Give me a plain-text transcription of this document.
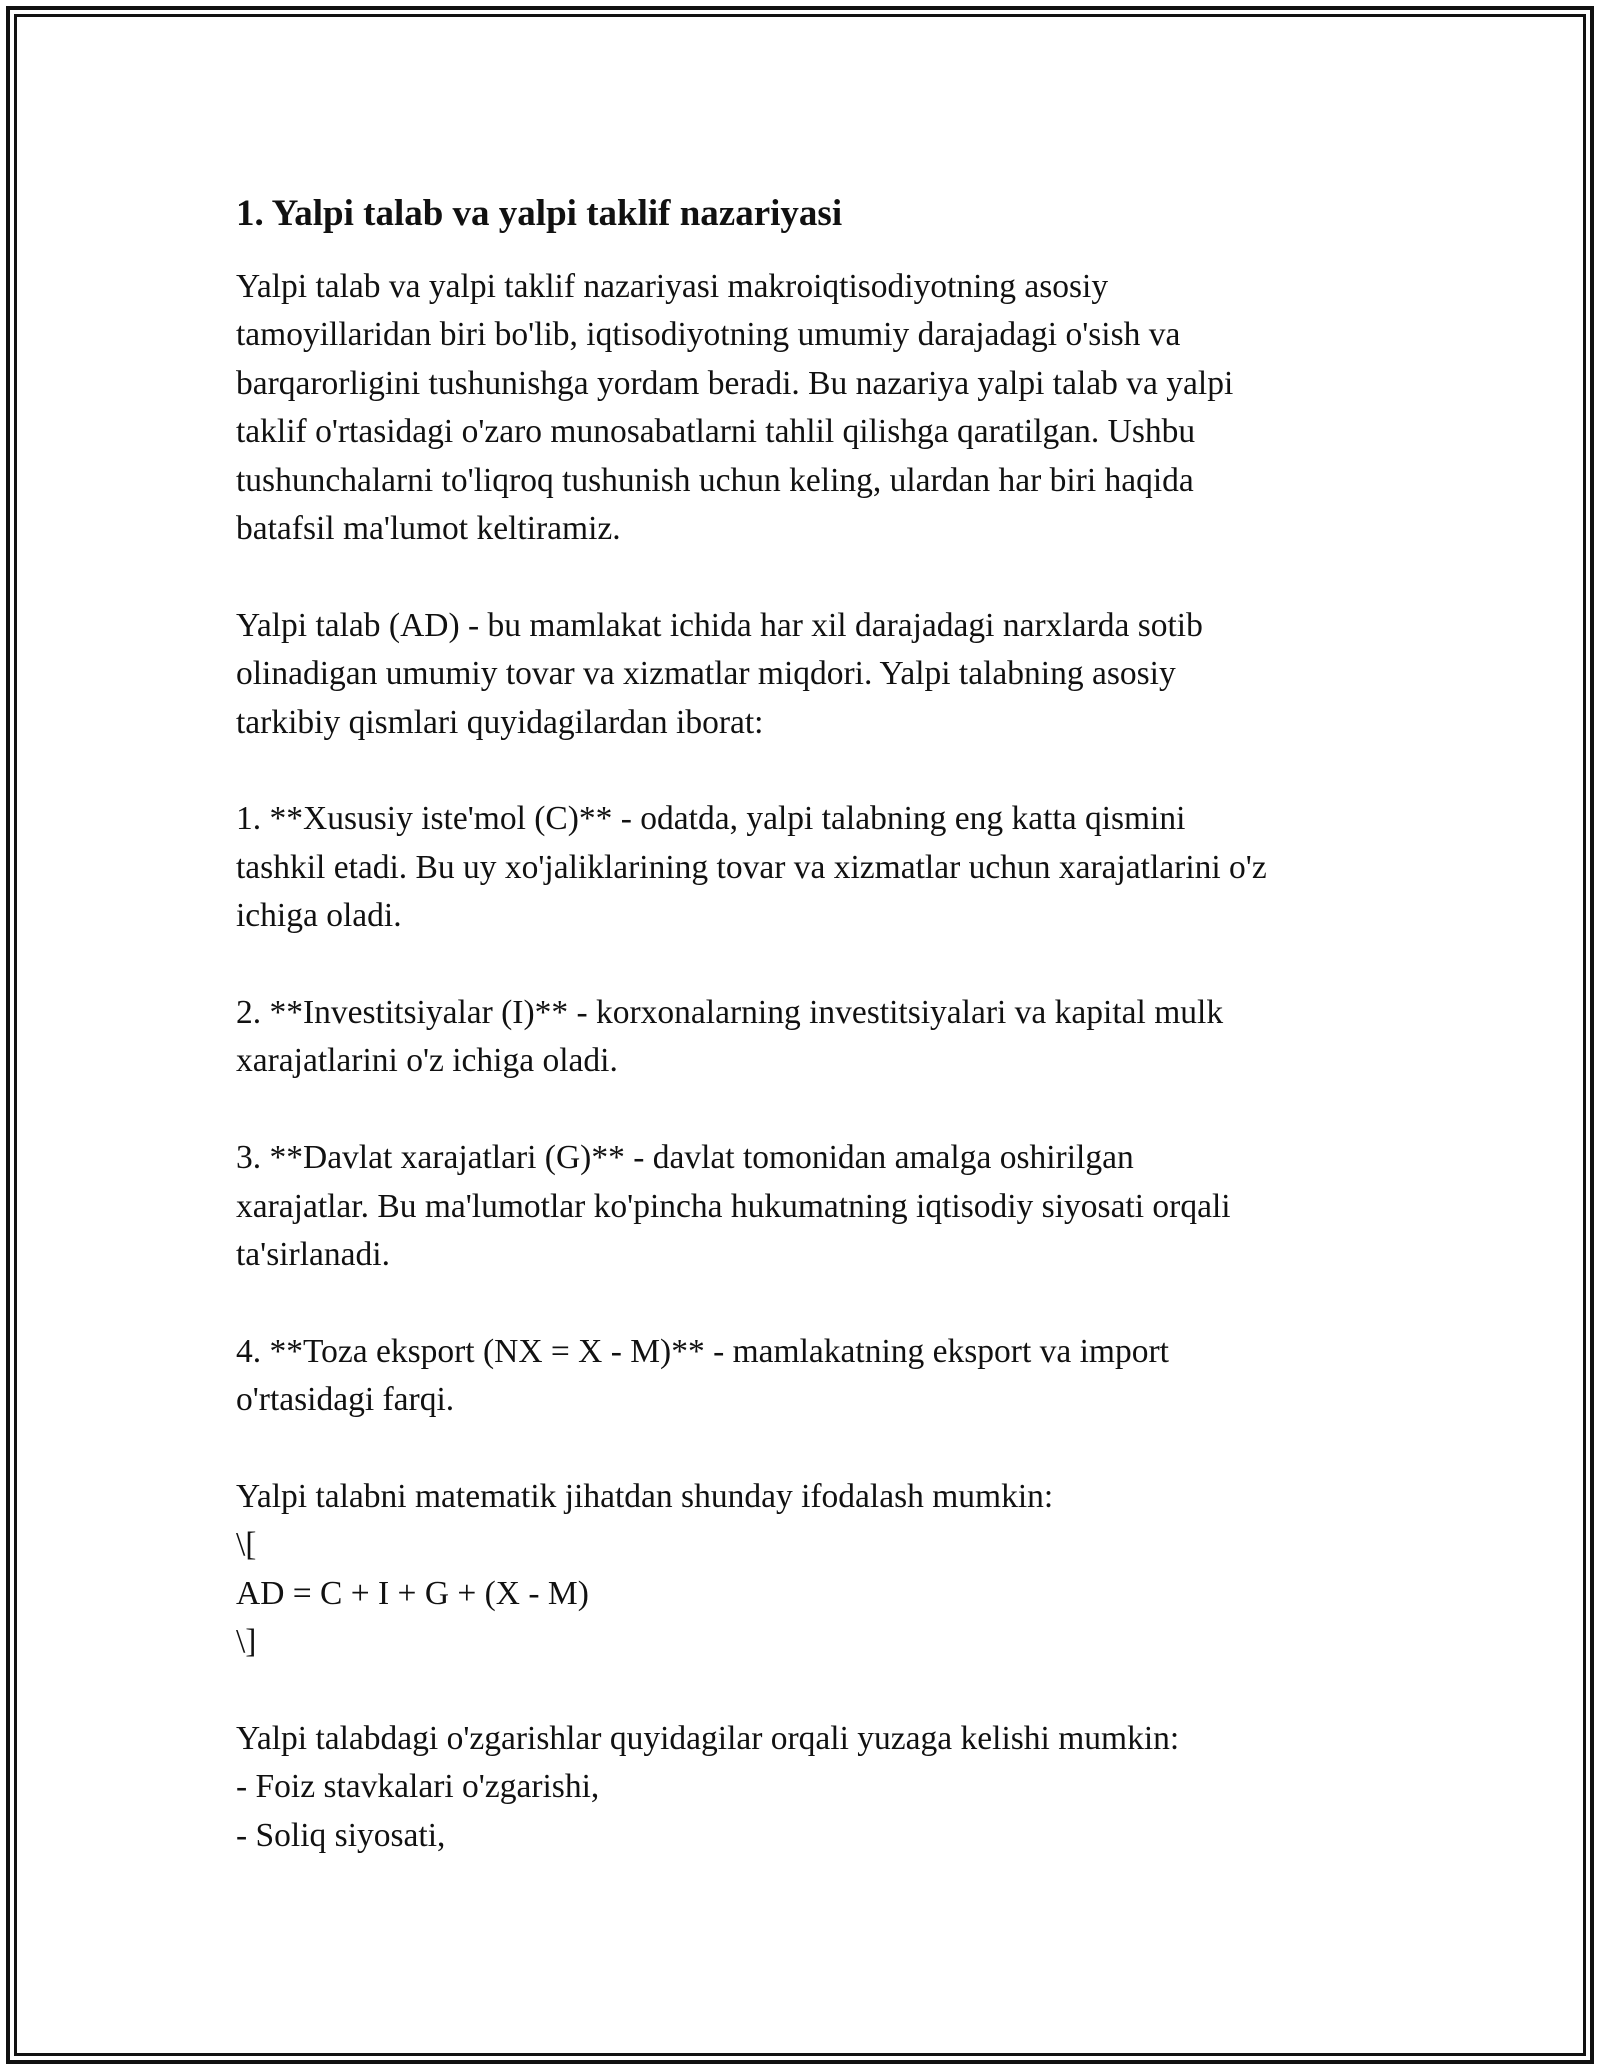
1. Yalpi talab va yalpi taklif nazariyasi

Yalpi talab va yalpi taklif nazariyasi makroiqtisodiyotning asosiy
tamoyillaridan biri bo'lib, iqtisodiyotning umumiy darajadagi o'sish va
barqarorligini tushunishga yordam beradi. Bu nazariya yalpi talab va yalpi
taklif o'rtasidagi o'zaro munosabatlarni tahlil qilishga qaratilgan. Ushbu
tushunchalarni to'liqroq tushunish uchun keling, ulardan har biri haqida
batafsil ma'lumot keltiramiz.

Yalpi talab (AD) - bu mamlakat ichida har xil darajadagi narxlarda sotib
olinadigan umumiy tovar va xizmatlar miqdori. Yalpi talabning asosiy
tarkibiy qismlari quyidagilardan iborat:

1. **Xususiy iste'mol (C)** - odatda, yalpi talabning eng katta qismini
tashkil etadi. Bu uy xo'jaliklarining tovar va xizmatlar uchun xarajatlarini o'z
ichiga oladi.

2. **Investitsiyalar (I)** - korxonalarning investitsiyalari va kapital mulk
xarajatlarini o'z ichiga oladi.

3. **Davlat xarajatlari (G)** - davlat tomonidan amalga oshirilgan
xarajatlar. Bu ma'lumotlar ko'pincha hukumatning iqtisodiy siyosati orqali
ta'sirlanadi.

4. **Toza eksport (NX = X - M)** - mamlakatning eksport va import
o'rtasidagi farqi.

Yalpi talabni matematik jihatdan shunday ifodalash mumkin:
\[
AD = C + I + G + (X - M)
\]

Yalpi talabdagi o'zgarishlar quyidagilar orqali yuzaga kelishi mumkin:
- Foiz stavkalari o'zgarishi,
- Soliq siyosati,
